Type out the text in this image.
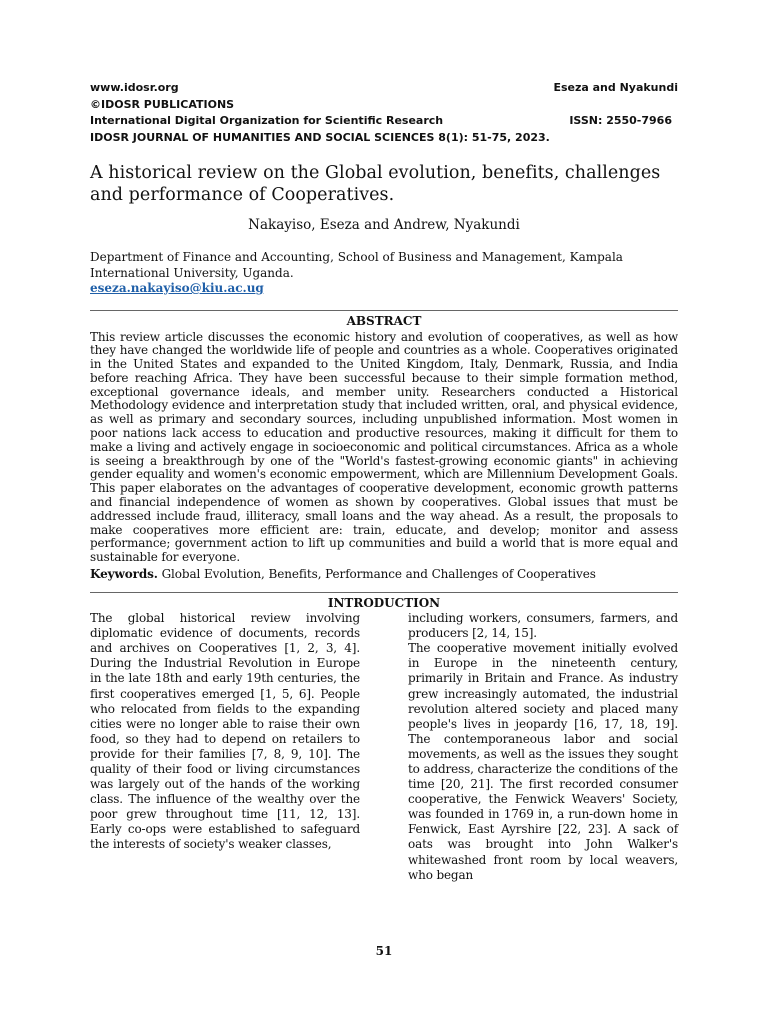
www.idosr.org	Eseza and Nyakundi
©IDOSR PUBLICATIONS
International Digital Organization for Scientific Research	ISSN: 2550-7966
IDOSR JOURNAL OF HUMANITIES AND SOCIAL SCIENCES 8(1): 51-75, 2023.
A historical review on the Global evolution, benefits, challenges and performance of Cooperatives.
Nakayiso, Eseza and Andrew, Nyakundi
Department of Finance and Accounting, School of Business and Management, Kampala International University, Uganda.
eseza.nakayiso@kiu.ac.ug
ABSTRACT

This review article discusses the economic history and evolution of cooperatives, as well as how they have changed the worldwide life of people and countries as a whole. Cooperatives originated in the United States and expanded to the United Kingdom, Italy, Denmark, Russia, and India before reaching Africa. They have been successful because to their simple formation method, exceptional governance ideals, and member unity. Researchers conducted a Historical Methodology evidence and interpretation study that included written, oral, and physical evidence, as well as primary and secondary sources, including unpublished information. Most women in poor nations lack access to education and productive resources, making it difficult for them to make a living and actively engage in socioeconomic and political circumstances. Africa as a whole is seeing a breakthrough by one of the "World's fastest-growing economic giants" in achieving gender equality and women's economic empowerment, which are Millennium Development Goals. This paper elaborates on the advantages of cooperative development, economic growth patterns and financial independence of women as shown by cooperatives. Global issues that must be addressed include fraud, illiteracy, small loans and the way ahead. As a result, the proposals to make cooperatives more efficient are: train, educate, and develop; monitor and assess performance; government action to lift up communities and build a world that is more equal and sustainable for everyone.

Keywords. Global Evolution, Benefits, Performance and Challenges of Cooperatives
INTRODUCTION

The global historical review involving diplomatic evidence of documents, records and archives on Cooperatives [1, 2, 3, 4]. During the Industrial Revolution in Europe in the late 18th and early 19th centuries, the first cooperatives emerged [1, 5, 6]. People who relocated from fields to the expanding cities were no longer able to raise their own food, so they had to depend on retailers to provide for their families [7, 8, 9, 10]. The quality of their food or living circumstances was largely out of the hands of the working class. The influence of the wealthy over the poor grew throughout time [11, 12, 13]. Early co-ops were established to safeguard the interests of society's weaker classes,

including workers, consumers, farmers, and producers [2, 14, 15].

The cooperative movement initially evolved in Europe in the nineteenth century, primarily in Britain and France. As industry grew increasingly automated, the industrial revolution altered society and placed many people's lives in jeopardy [16, 17, 18, 19]. The contemporaneous labor and social movements, as well as the issues they sought to address, characterize the conditions of the time [20, 21]. The first recorded consumer cooperative, the Fenwick Weavers' Society, was founded in 1769 in, a run-down home in Fenwick, East Ayrshire [22, 23]. A sack of oats was brought into John Walker's whitewashed front room by local weavers, who began

51
